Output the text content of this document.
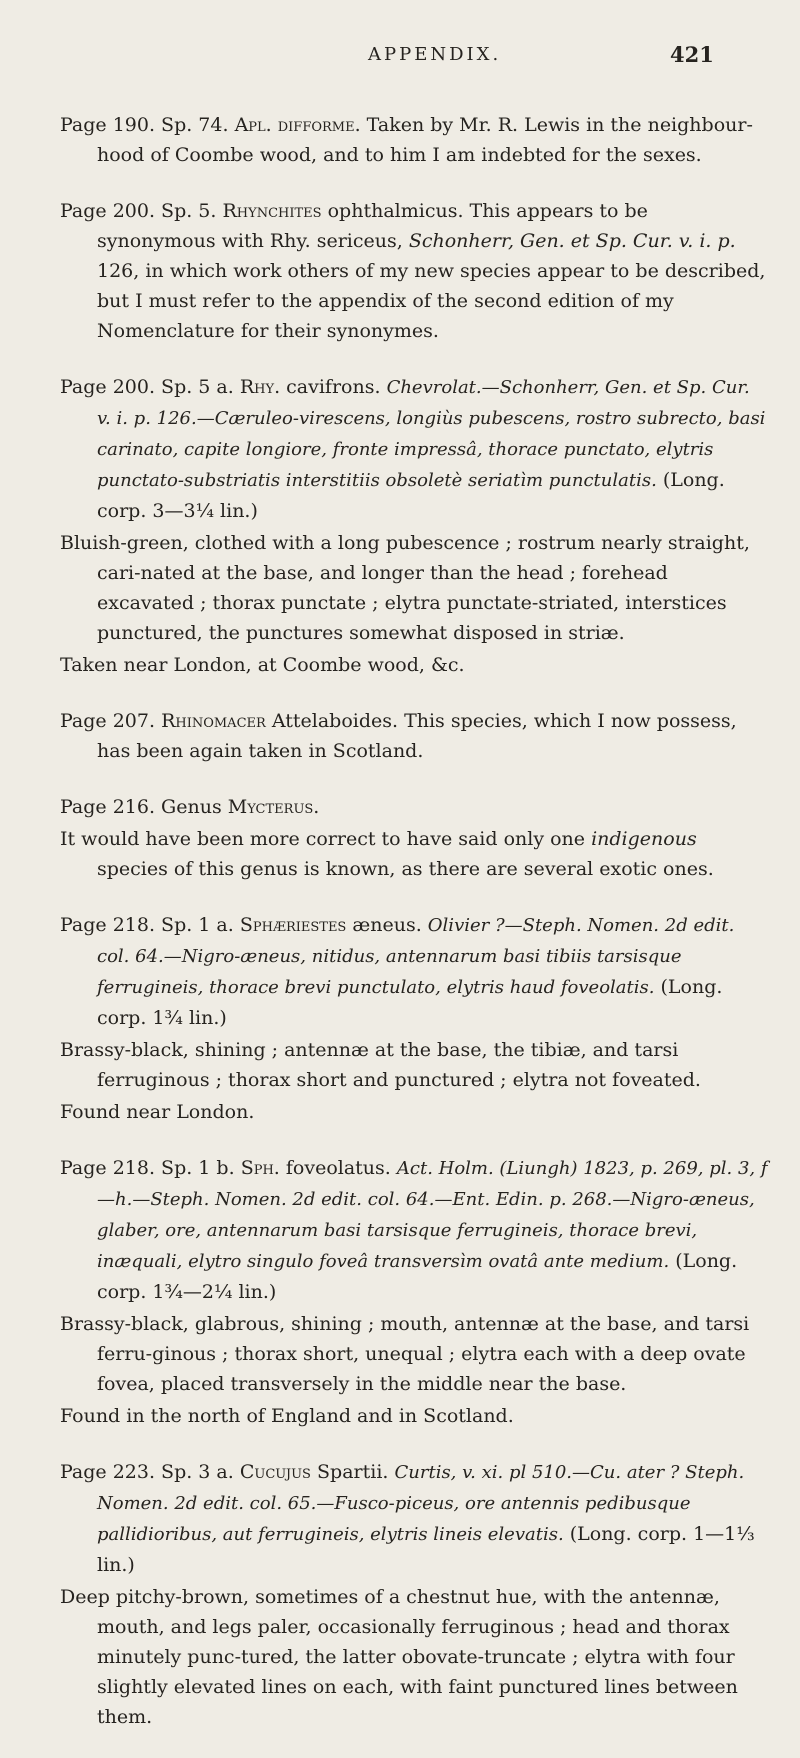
APPENDIX.	421

Page 190. Sp. 74. Apl. difforme. Taken by Mr. R. Lewis in the neighbour-hood of Coombe wood, and to him I am indebted for the sexes.

Page 200. Sp. 5. Rhynchites ophthalmicus. This appears to be synonymous with Rhy. sericeus, Schonherr, Gen. et Sp. Cur. v. i. p. 126, in which work others of my new species appear to be described, but I must refer to the appendix of the second edition of my Nomenclature for their synonymes.

Page 200. Sp. 5 a. Rhy. cavifrons. Chevrolat.—Schonherr, Gen. et Sp. Cur. v. i. p. 126.—Cæruleo-virescens, longiùs pubescens, rostro subrecto, basi carinato, capite longiore, fronte impressâ, thorace punctato, elytris punctato-substriatis interstitiis obsoletè seriatìm punctulatis. (Long. corp. 3—3¼ lin.)

Bluish-green, clothed with a long pubescence ; rostrum nearly straight, cari-nated at the base, and longer than the head ; forehead excavated ; thorax punctate ; elytra punctate-striated, interstices punctured, the punctures somewhat disposed in striæ.

Taken near London, at Coombe wood, &c.

Page 207. Rhinomacer Attelaboides. This species, which I now possess, has been again taken in Scotland.

Page 216. Genus Mycterus.

It would have been more correct to have said only one indigenous species of this genus is known, as there are several exotic ones.

Page 218. Sp. 1 a. Sphæriestes æneus. Olivier ?—Steph. Nomen. 2d edit. col. 64.—Nigro-æneus, nitidus, antennarum basi tibiis tarsisque ferrugineis, thorace brevi punctulato, elytris haud foveolatis. (Long. corp. 1¾ lin.)

Brassy-black, shining ; antennæ at the base, the tibiæ, and tarsi ferruginous ; thorax short and punctured ; elytra not foveated.

Found near London.

Page 218. Sp. 1 b. Sph. foveolatus. Act. Holm. (Liungh) 1823, p. 269, pl. 3, f—h.—Steph. Nomen. 2d edit. col. 64.—Ent. Edin. p. 268.—Nigro-æneus, glaber, ore, antennarum basi tarsisque ferrugineis, thorace brevi, inæquali, elytro singulo foveâ transversìm ovatâ ante medium. (Long. corp. 1¾—2¼ lin.)

Brassy-black, glabrous, shining ; mouth, antennæ at the base, and tarsi ferru-ginous ; thorax short, unequal ; elytra each with a deep ovate fovea, placed transversely in the middle near the base.

Found in the north of England and in Scotland.

Page 223. Sp. 3 a. Cucujus Spartii. Curtis, v. xi. pl 510.—Cu. ater ? Steph. Nomen. 2d edit. col. 65.—Fusco-piceus, ore antennis pedibusque pallidioribus, aut ferrugineis, elytris lineis elevatis. (Long. corp. 1—1⅓ lin.)

Deep pitchy-brown, sometimes of a chestnut hue, with the antennæ, mouth, and legs paler, occasionally ferruginous ; head and thorax minutely punc-tured, the latter obovate-truncate ; elytra with four slightly elevated lines on each, with faint punctured lines between them.
